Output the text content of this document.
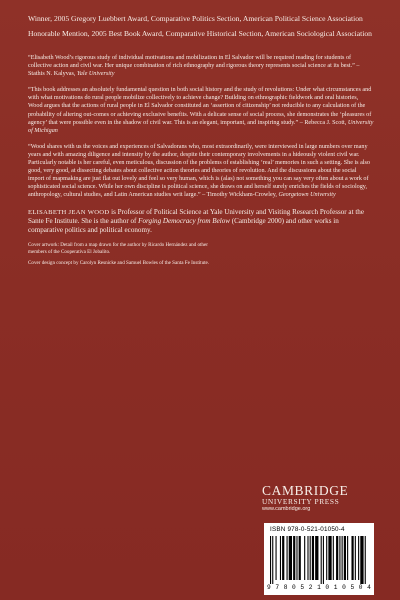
Winner, 2005 Gregory Luebbert Award, Comparative Politics Section, American Political Science Association

Honorable Mention, 2005 Best Book Award, Comparative Historical Section, American Sociological Association

“Elisabeth Wood’s rigorous study of individual motivations and mobilization in El Salvador will be required reading for students of collective action and civil war. Her unique combination of rich ethnography and rigorous theory represents social science at its best.” – Stathis N. Kalyvas, Yale University

“This book addresses an absolutely fundamental question in both social history and the study of revolutions: Under what circumstances and with what motivations do rural people mobilize collectively to achieve change? Building on ethnographic fieldwork and oral histories, Wood argues that the actions of rural people in El Salvador constituted an ‘assertion of citizenship’ not reducible to any calculation of the probability of altering out-comes or achieving exclusive benefits. With a delicate sense of social process, she demonstrates the ‘pleasures of agency’ that were possible even in the shadow of civil war. This is an elegant, important, and inspiring study.” – Rebecca J. Scott, University of Michigan

“Wood shares with us the voices and experiences of Salvadorans who, most extraordinarily, were interviewed in large numbers over many years and with amazing diligence and intensity by the author, despite their contemporary involvements in a hideously violent civil war. Particularly notable is her careful, even meticulous, discussion of the problems of establishing ‘real’ memories in such a setting. She is also good, very good, at dissecting debates about collective action theories and theories of revolution. And the discussions about the social import of mapmaking are just flat out lovely and feel so very human, which is (alas) not something you can say very often about a work of sophisticated social science. While her own discipline is political science, she draws on and herself surely enriches the fields of sociology, anthropology, cultural studies, and Latin American studies writ large.” – Timothy Wickham-Crowley, Georgetown University

ELISABETH JEAN WOOD is Professor of Political Science at Yale University and Visiting Research Professor at the Sante Fe Institute. She is the author of Forging Democracy from Below (Cambridge 2000) and other works in comparative politics and political economy.

Cover artwork: Detail from a map drawn for the author by Ricardo Hernández and other members of the Cooperativa El Jobalito.

Cover design concept by Carolyn Resnicke and Samuel Bowles of the Santa Fe Institute.

CAMBRIDGE
UNIVERSITY PRESS
www.cambridge.org
ISBN 978-0-521-01050-4
9 7 8 0 5 2 1 0 1 0 5 0 4
